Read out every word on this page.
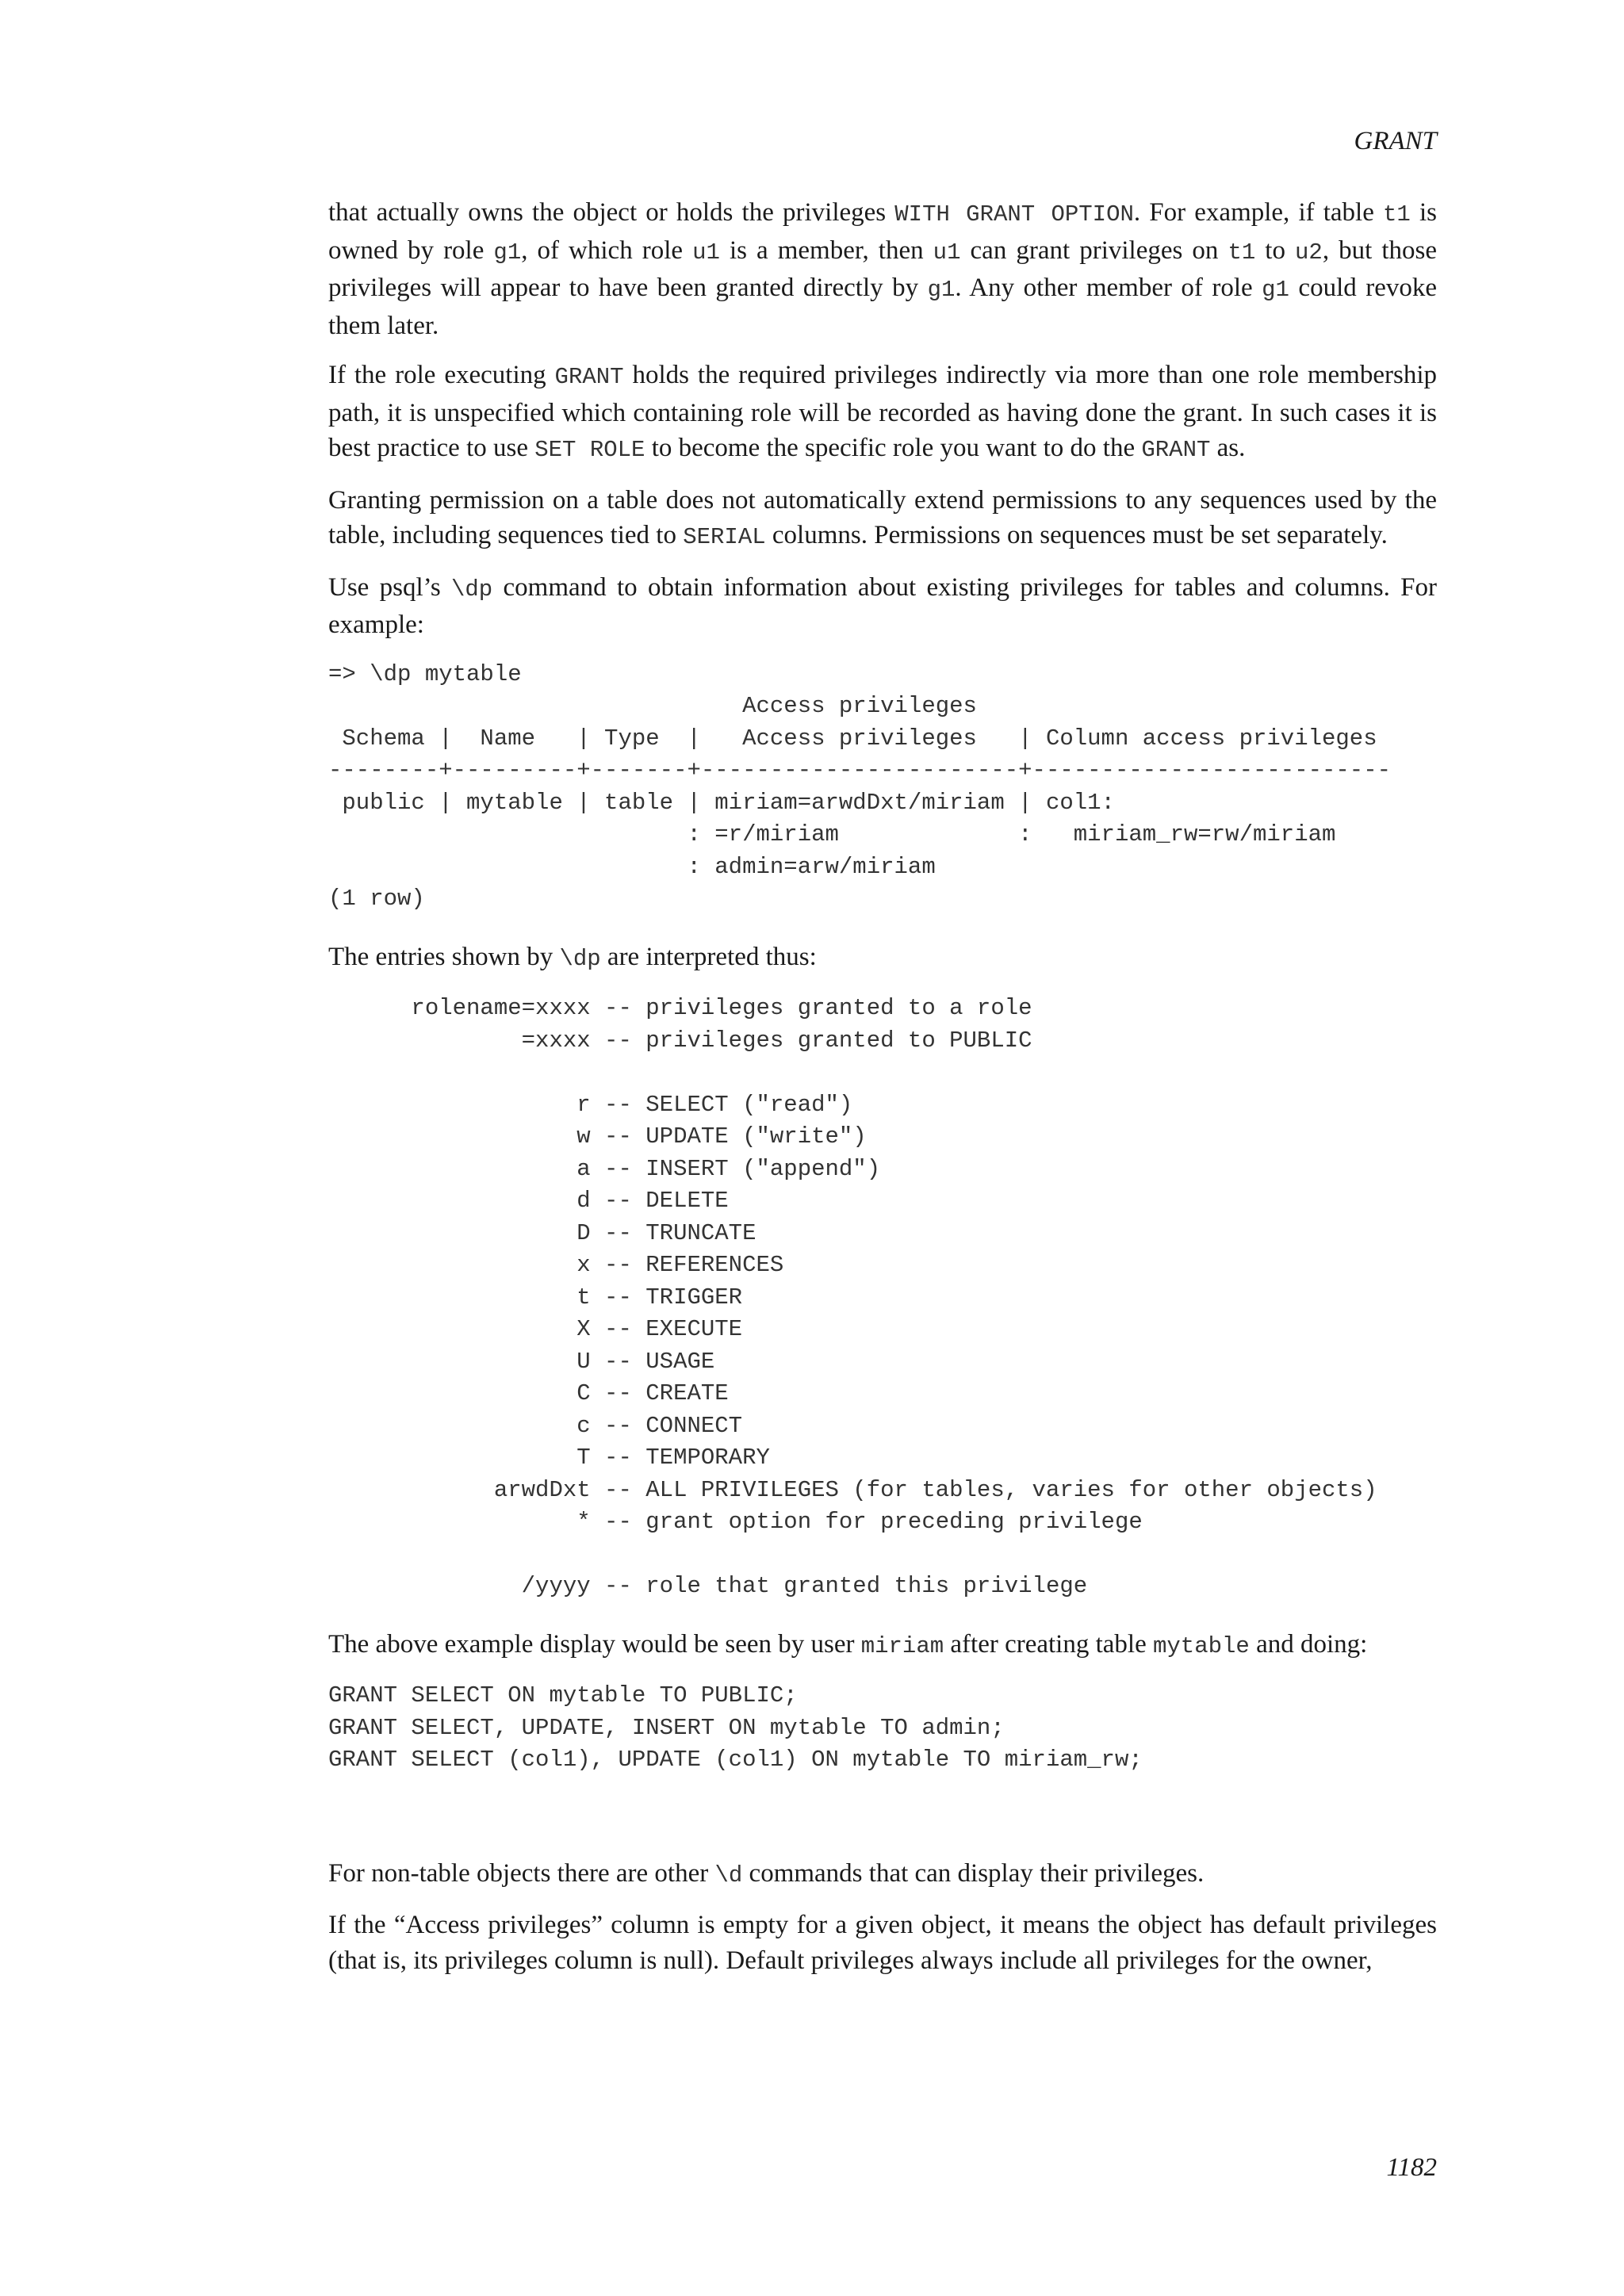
GRANT

that actually owns the object or holds the privileges WITH GRANT OPTION. For example, if table t1 is owned by role g1, of which role u1 is a member, then u1 can grant privileges on t1 to u2, but those privileges will appear to have been granted directly by g1. Any other member of role g1 could revoke them later.

If the role executing GRANT holds the required privileges indirectly via more than one role membership path, it is unspecified which containing role will be recorded as having done the grant. In such cases it is best practice to use SET ROLE to become the specific role you want to do the GRANT as.

Granting permission on a table does not automatically extend permissions to any sequences used by the table, including sequences tied to SERIAL columns. Permissions on sequences must be set separately.

Use psql’s \dp command to obtain information about existing privileges for tables and columns. For example:

=> \dp mytable
Access privileges
Schema |  Name   | Type  |   Access privileges   | Column access privileges
--------+---------+-------+-----------------------+--------------------------
public | mytable | table | miriam=arwdDxt/miriam | col1:
: =r/miriam             :   miriam_rw=rw/miriam
: admin=arw/miriam
(1 row)

The entries shown by \dp are interpreted thus:

rolename=xxxx -- privileges granted to a role
=xxxx -- privileges granted to PUBLIC

r -- SELECT ("read")
w -- UPDATE ("write")
a -- INSERT ("append")
d -- DELETE
D -- TRUNCATE
x -- REFERENCES
t -- TRIGGER
X -- EXECUTE
U -- USAGE
C -- CREATE
c -- CONNECT
T -- TEMPORARY
arwdDxt -- ALL PRIVILEGES (for tables, varies for other objects)
* -- grant option for preceding privilege

/yyyy -- role that granted this privilege

The above example display would be seen by user miriam after creating table mytable and doing:

GRANT SELECT ON mytable TO PUBLIC;
GRANT SELECT, UPDATE, INSERT ON mytable TO admin;
GRANT SELECT (col1), UPDATE (col1) ON mytable TO miriam_rw;

For non-table objects there are other \d commands that can display their privileges.

If the “Access privileges” column is empty for a given object, it means the object has default privileges (that is, its privileges column is null). Default privileges always include all privileges for the owner,

1182
